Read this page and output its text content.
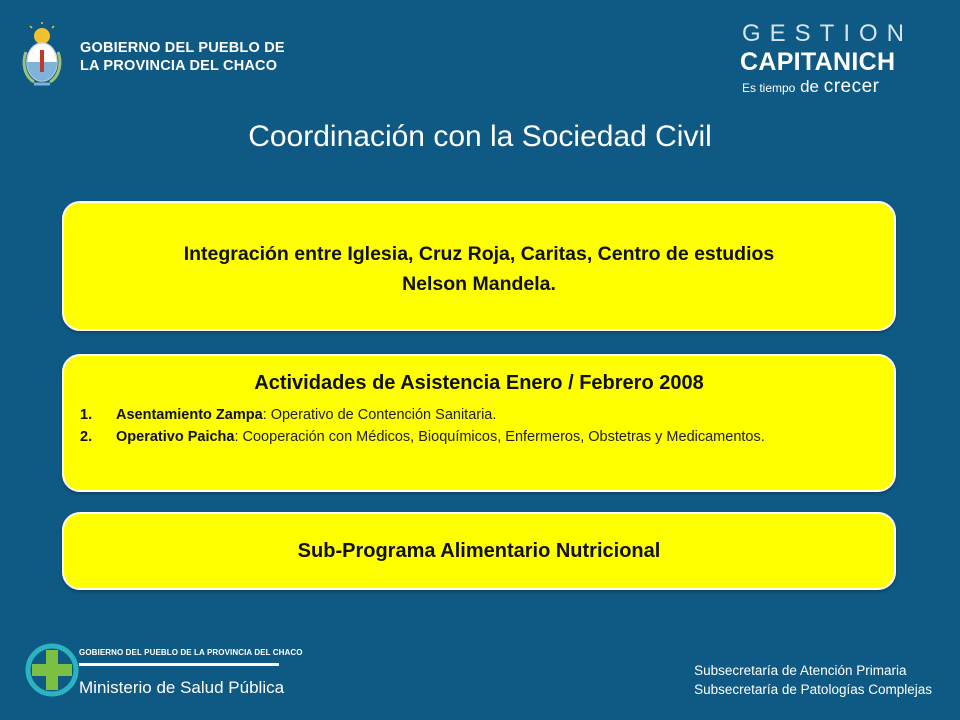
GOBIERNO DEL PUEBLO DE
LA PROVINCIA DEL CHACO
GESTION
CAPITANICH
Es tiempo de crecer
Coordinación con la Sociedad Civil
Integración entre Iglesia, Cruz Roja, Caritas, Centro de estudios
Nelson Mandela.
Actividades de Asistencia Enero / Febrero 2008
1. Asentamiento Zampa: Operativo de Contención Sanitaria.
2. Operativo Paicha: Cooperación con Médicos, Bioquímicos, Enfermeros, Obstetras y Medicamentos.
Sub-Programa Alimentario Nutricional
GOBIERNO DEL PUEBLO DE LA PROVINCIA DEL CHACO
Ministerio de Salud Pública
Subsecretaría de Atención Primaria
Subsecretaría de Patologías Complejas
